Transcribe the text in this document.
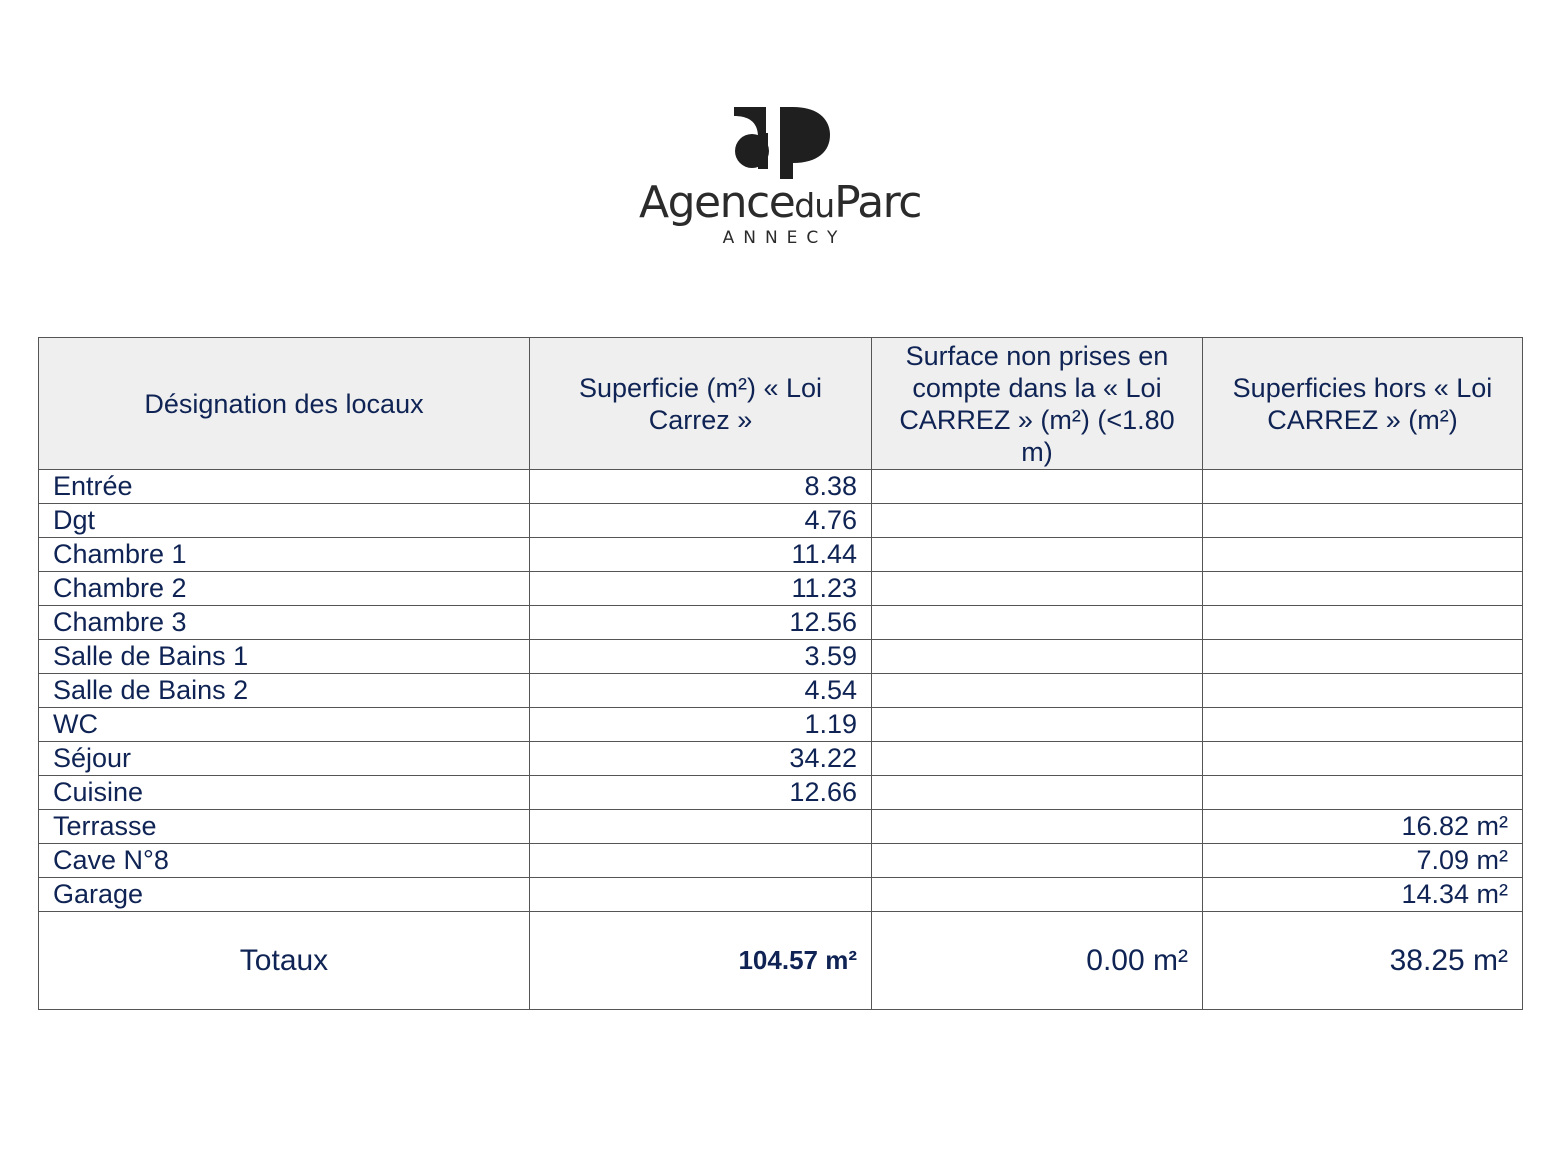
AgenceduParc
ANNECY
Désignation des locaux	Superficie (m²) « Loi Carrez »	Surface non prises en compte dans la « Loi CARREZ » (m²) (<1.80 m)	Superficies hors « Loi CARREZ » (m²)
Entrée	8.38		
Dgt	4.76		
Chambre 1	11.44		
Chambre 2	11.23		
Chambre 3	12.56		
Salle de Bains 1	3.59		
Salle de Bains 2	4.54		
WC	1.19		
Séjour	34.22		
Cuisine	12.66		
Terrasse			16.82 m²
Cave N°8			7.09 m²
Garage			14.34 m²
Totaux	104.57 m²	0.00 m²	38.25 m²
